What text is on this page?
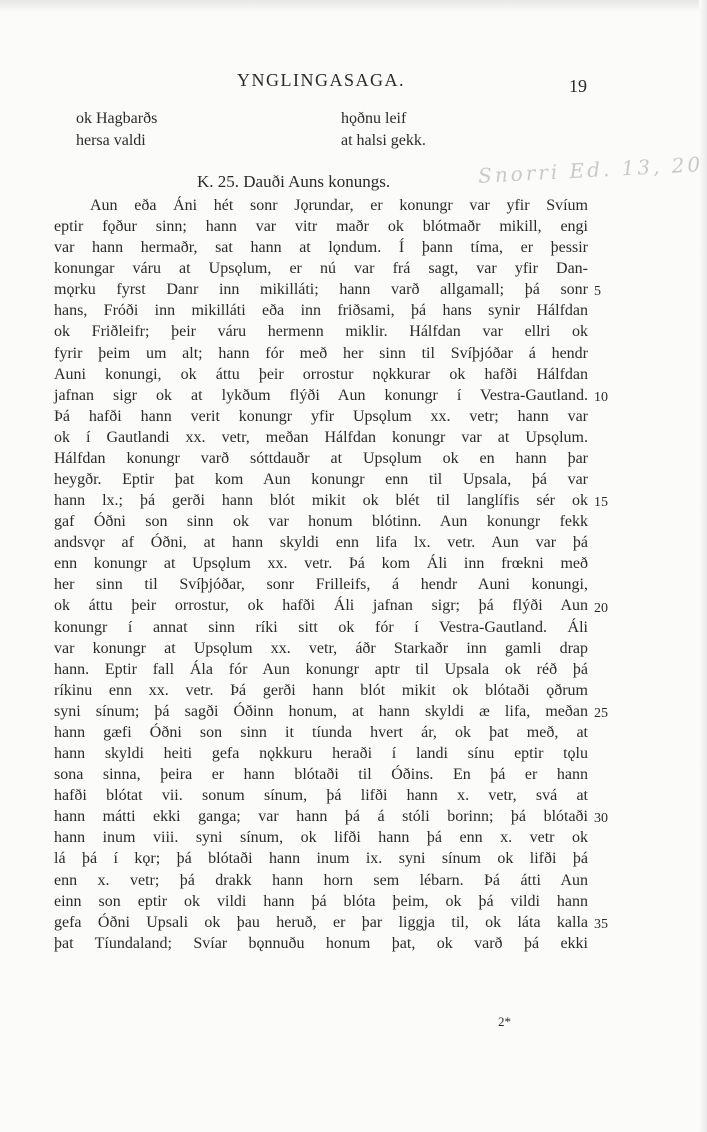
YNGLINGASAGA.	19
ok Hagbarðs
hersa valdi
hǫðnu leif
at halsi gekk.
K. 25. Dauði Auns konungs.	Snorri Ed. 13, 20
Aun eða Áni hét sonr Jǫrundar, er konungr var yfir Svíum
eptir fǫður sinn; hann var vitr maðr ok blótmaðr mikill, engi
var hann hermaðr, sat hann at lǫndum. Í þann tíma, er þessir
konungar váru at Upsǫlum, er nú var frá sagt, var yfir Dan-
mǫrku fyrst Danr inn mikilláti; hann varð allgamall; þá sonr
hans, Fróði inn mikilláti eða inn friðsami, þá hans synir Hálfdan
ok Friðleifr; þeir váru hermenn miklir. Hálfdan var ellri ok
fyrir þeim um alt; hann fór með her sinn til Svíþjóðar á hendr
Auni konungi, ok áttu þeir orrostur nǫkkurar ok hafði Hálfdan
jafnan sigr ok at lykðum flýði Aun konungr í Vestra-Gautland.
Þá hafði hann verit konungr yfir Upsǫlum xx. vetr; hann var
ok í Gautlandi xx. vetr, meðan Hálfdan konungr var at Upsǫlum.
Hálfdan konungr varð sóttdauðr at Upsǫlum ok en hann þar
heygðr. Eptir þat kom Aun konungr enn til Upsala, þá var
hann lx.; þá gerði hann blót mikit ok blét til langlífis sér ok
gaf Óðni son sinn ok var honum blótinn. Aun konungr fekk
andsvǫr af Óðni, at hann skyldi enn lifa lx. vetr. Aun var þá
enn konungr at Upsǫlum xx. vetr. Þá kom Áli inn frœkni með
her sinn til Svíþjóðar, sonr Frilleifs, á hendr Auni konungi,
ok áttu þeir orrostur, ok hafði Áli jafnan sigr; þá flýði Aun
konungr í annat sinn ríki sitt ok fór í Vestra-Gautland. Áli
var konungr at Upsǫlum xx. vetr, áðr Starkaðr inn gamli drap
hann. Eptir fall Ála fór Aun konungr aptr til Upsala ok réð þá
ríkinu enn xx. vetr. Þá gerði hann blót mikit ok blótaði ǫðrum
syni sínum; þá sagði Óðinn honum, at hann skyldi æ lifa, meðan
hann gæfi Óðni son sinn it tíunda hvert ár, ok þat með, at
hann skyldi heiti gefa nǫkkuru heraði í landi sínu eptir tǫlu
sona sinna, þeira er hann blótaði til Óðins. En þá er hann
hafði blótat vii. sonum sínum, þá lifði hann x. vetr, svá at
hann mátti ekki ganga; var hann þá á stóli borinn; þá blótaði
hann inum viii. syni sínum, ok lifði hann þá enn x. vetr ok
lá þá í kǫr; þá blótaði hann inum ix. syni sínum ok lifði þá
enn x. vetr; þá drakk hann horn sem lébarn. Þá átti Aun
einn son eptir ok vildi hann þá blóta þeim, ok þá vildi hann
gefa Óðni Upsali ok þau heruð, er þar liggja til, ok láta kalla
þat Tíundaland; Svíar bǫnnuðu honum þat, ok varð þá ekki
5
10
15
20
25
30
35
2*
